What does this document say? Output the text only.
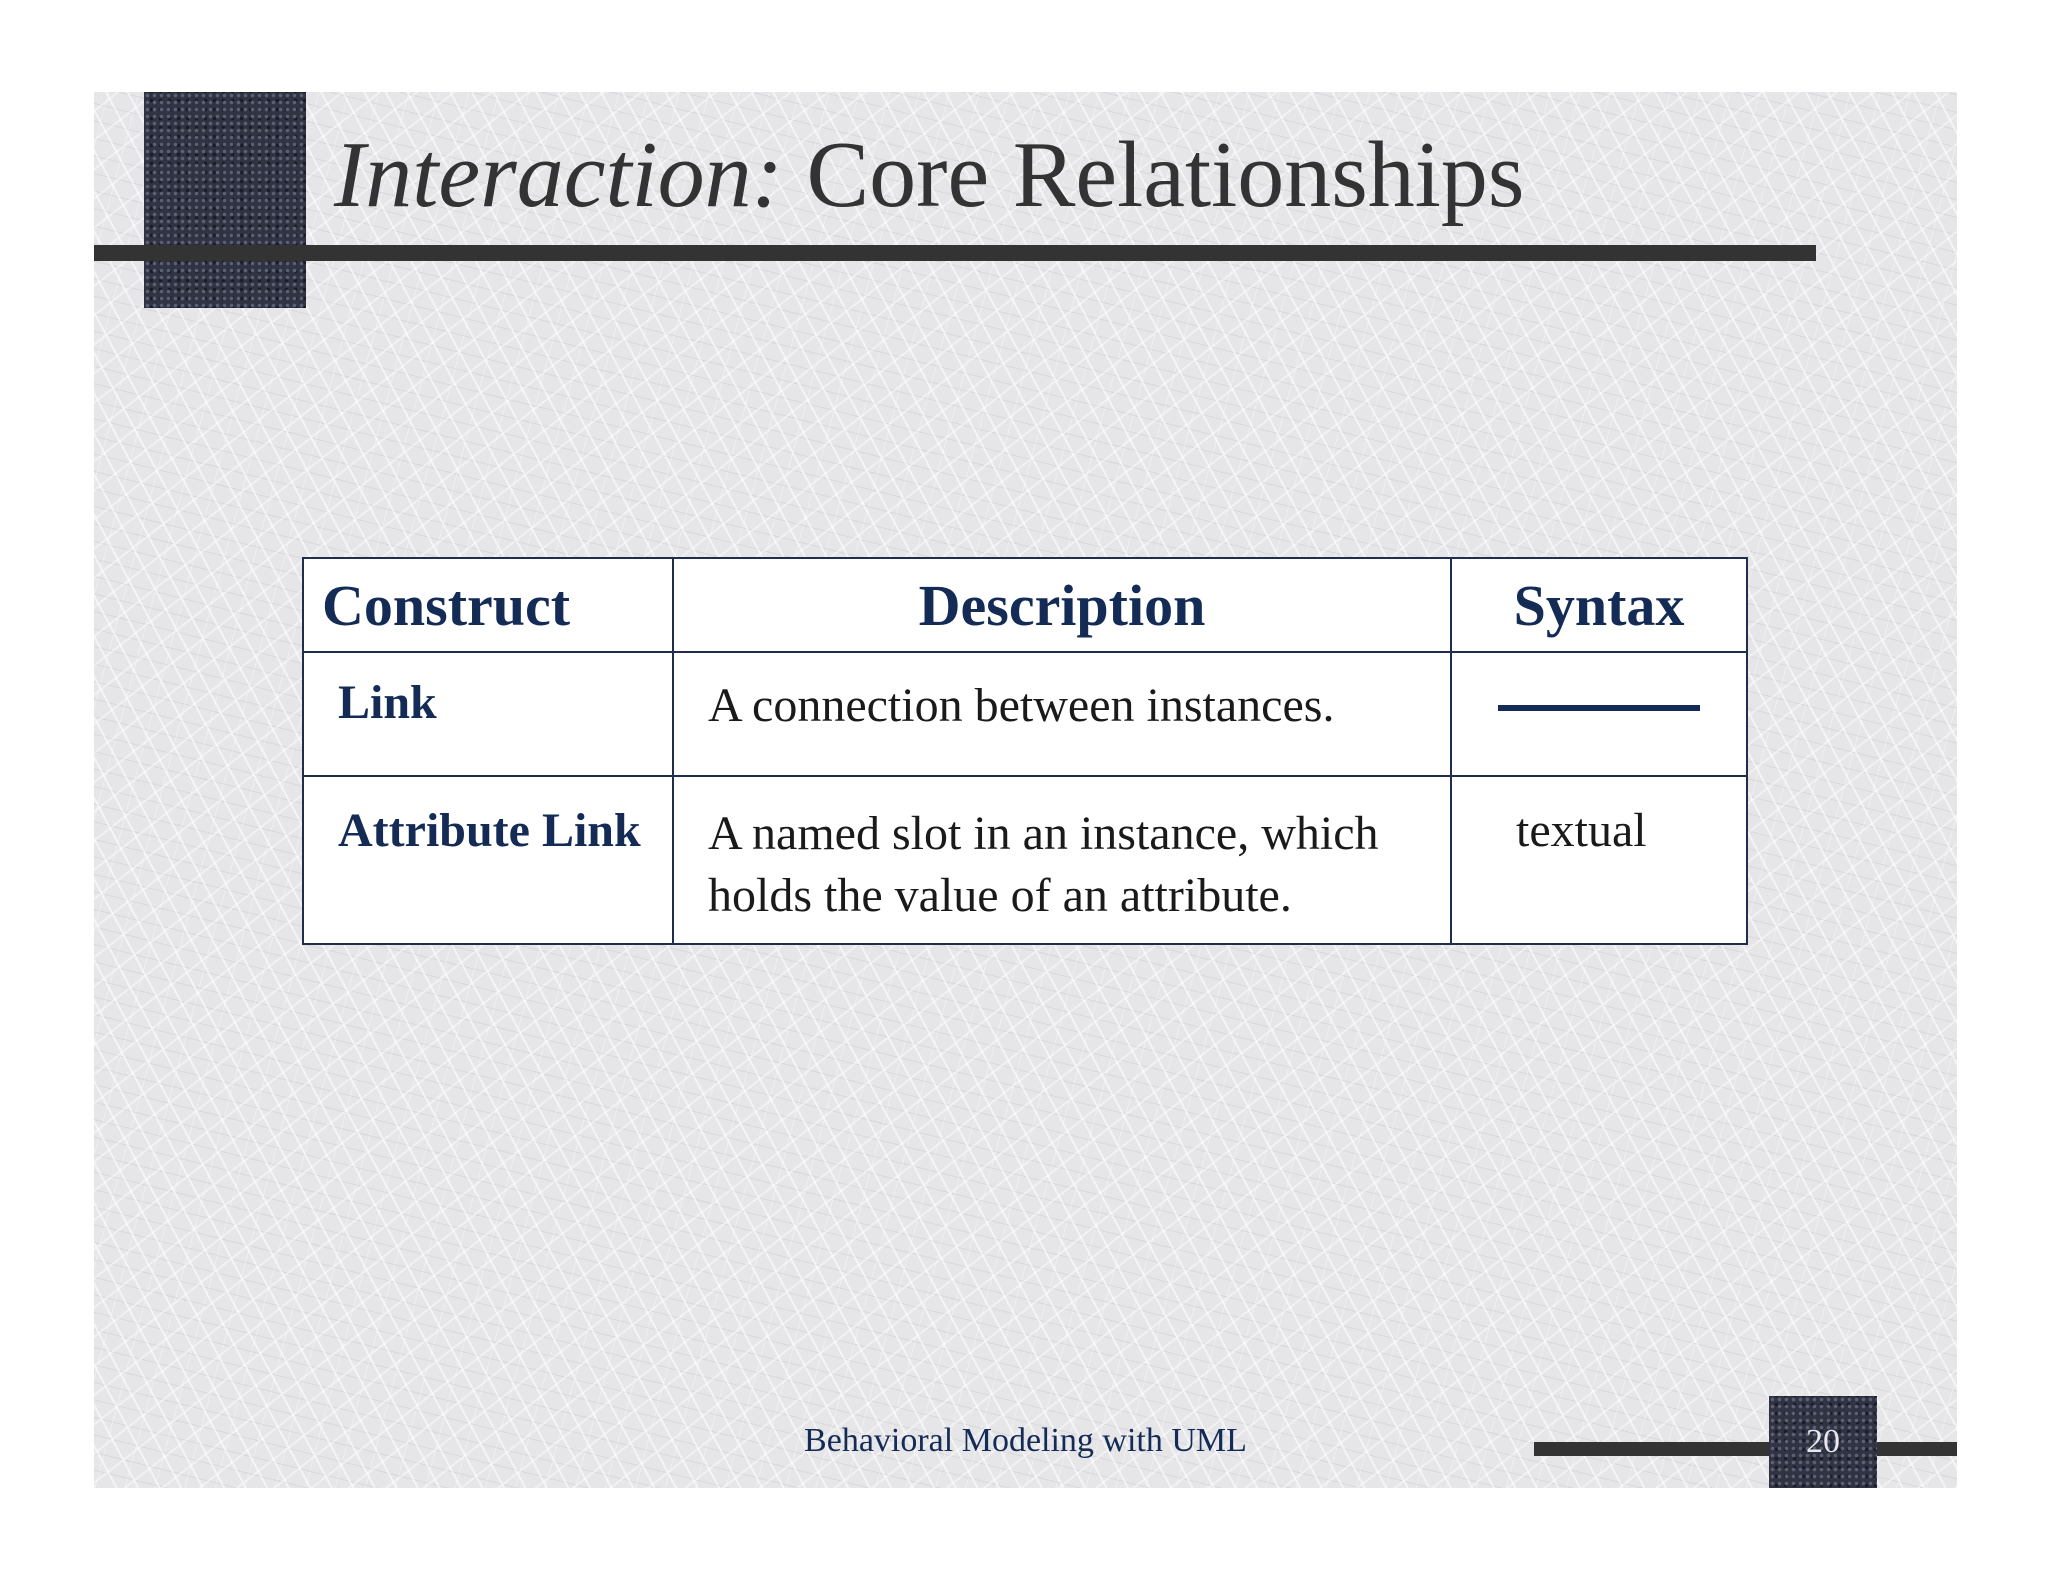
Interaction: Core Relationships
Construct	Description	Syntax
Link	A connection between instances.	

Attribute Link	A named slot in an instance, which holds the value of an attribute.	textual
Behavioral Modeling with UML	20
